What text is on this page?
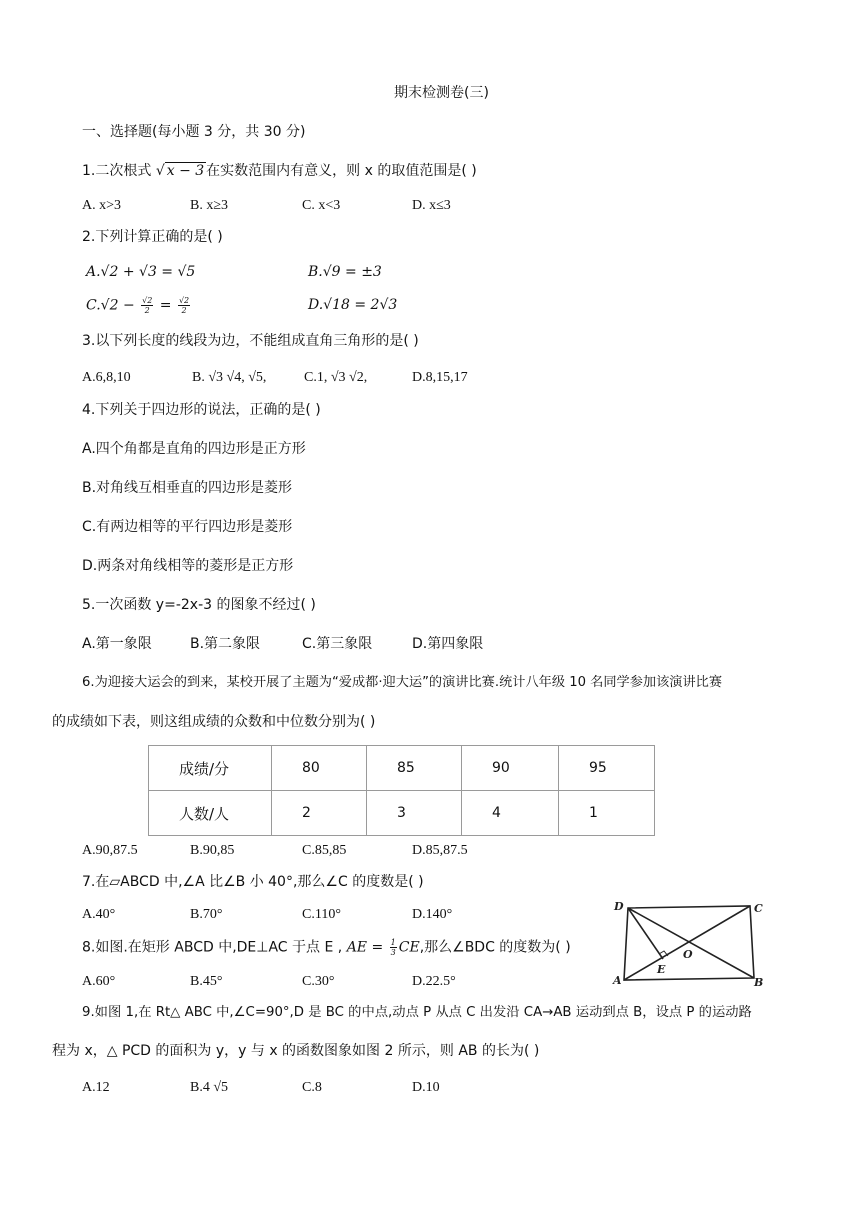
期末检测卷(三)
一、选择题(每小题 3 分，共 30 分)
1.二次根式 √ x − 3 在实数范围内有意义，则 x 的取值范围是( )
A. x>3	B. x≥3	C. x<3	D. x≤3
2.下列计算正确的是( )
A.√2 + √3 = √5	B.√9 = ±3
$C.√2 - \frac{√2}{2} = \frac{√2}{2}$	D.√18 = 2√3
3.以下列长度的线段为边，不能组成直角三角形的是( )
A.6,8,10	B. √3 √4, √5,	C.1, √3 √2,	D.8,15,17
4.下列关于四边形的说法，正确的是( )
A.四个角都是直角的四边形是正方形
B.对角线互相垂直的四边形是菱形
C.有两边相等的平行四边形是菱形
D.两条对角线相等的菱形是正方形
5.一次函数 y=-2x-3 的图象不经过( )
A.第一象限	B.第二象限	C.第三象限	D.第四象限
6.为迎接大运会的到来，某校开展了主题为“爱成都·迎大运”的演讲比赛.统计八年级 10 名同学参加该演讲比赛
的成绩如下表，则这组成绩的众数和中位数分别为( )
成绩/分	80	85	90	95
人数/人	2	3	4	1
A.90,87.5	B.90,85	C.85,85	D.85,87.5
7.在▱ABCD 中,∠A 比∠B 小 40°,那么∠C 的度数是( )
A.40°	B.70°	C.110°	D.140°
8.如图.在矩形 ABCD 中,DE⊥AC 于点 E , AE = $\frac{1}{3}$ CE,那么∠BDC 的度数为( )
A.60°	B.45°	C.30°	D.22.5°
D	C
A	B
E
O
9.如图 1,在 Rt△ ABC 中,∠C=90°,D 是 BC 的中点,动点 P 从点 C 出发沿 CA→AB 运动到点 B，设点 P 的运动路
程为 x，△ PCD 的面积为 y，y 与 x 的函数图象如图 2 所示，则 AB 的长为( )
A.12	B.4 √5	C.8	D.10
